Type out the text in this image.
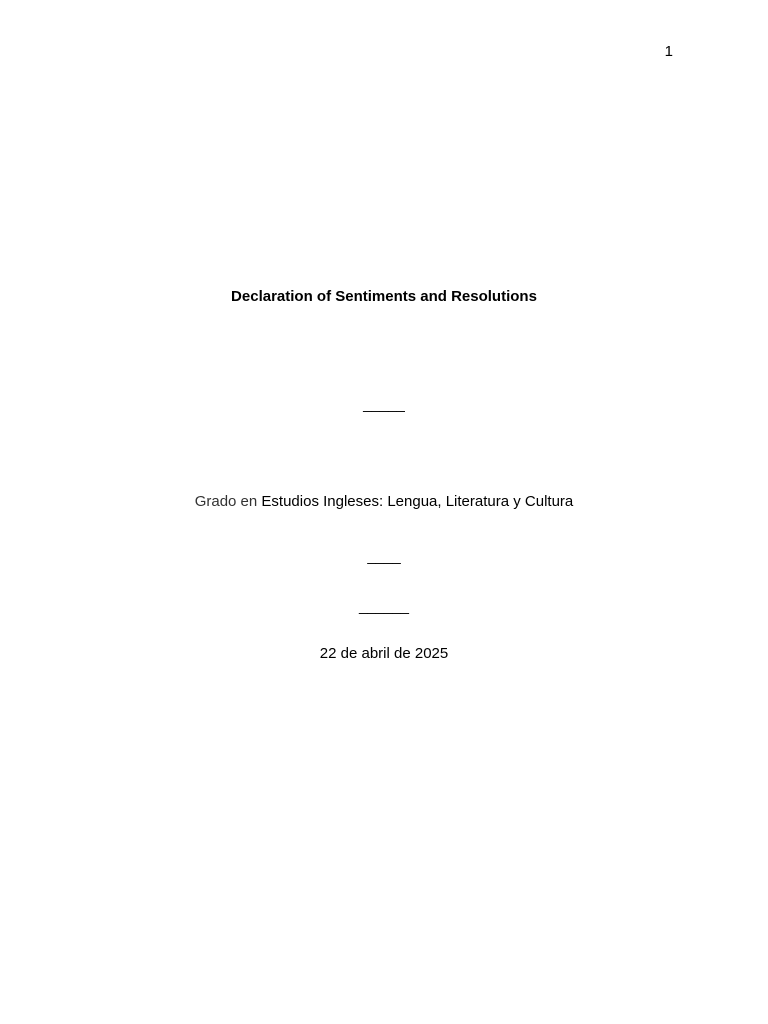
1
Declaration of Sentiments and Resolutions
_____
Grado en Estudios Ingleses: Lengua, Literatura y Cultura
____
______
22 de abril de 2025
